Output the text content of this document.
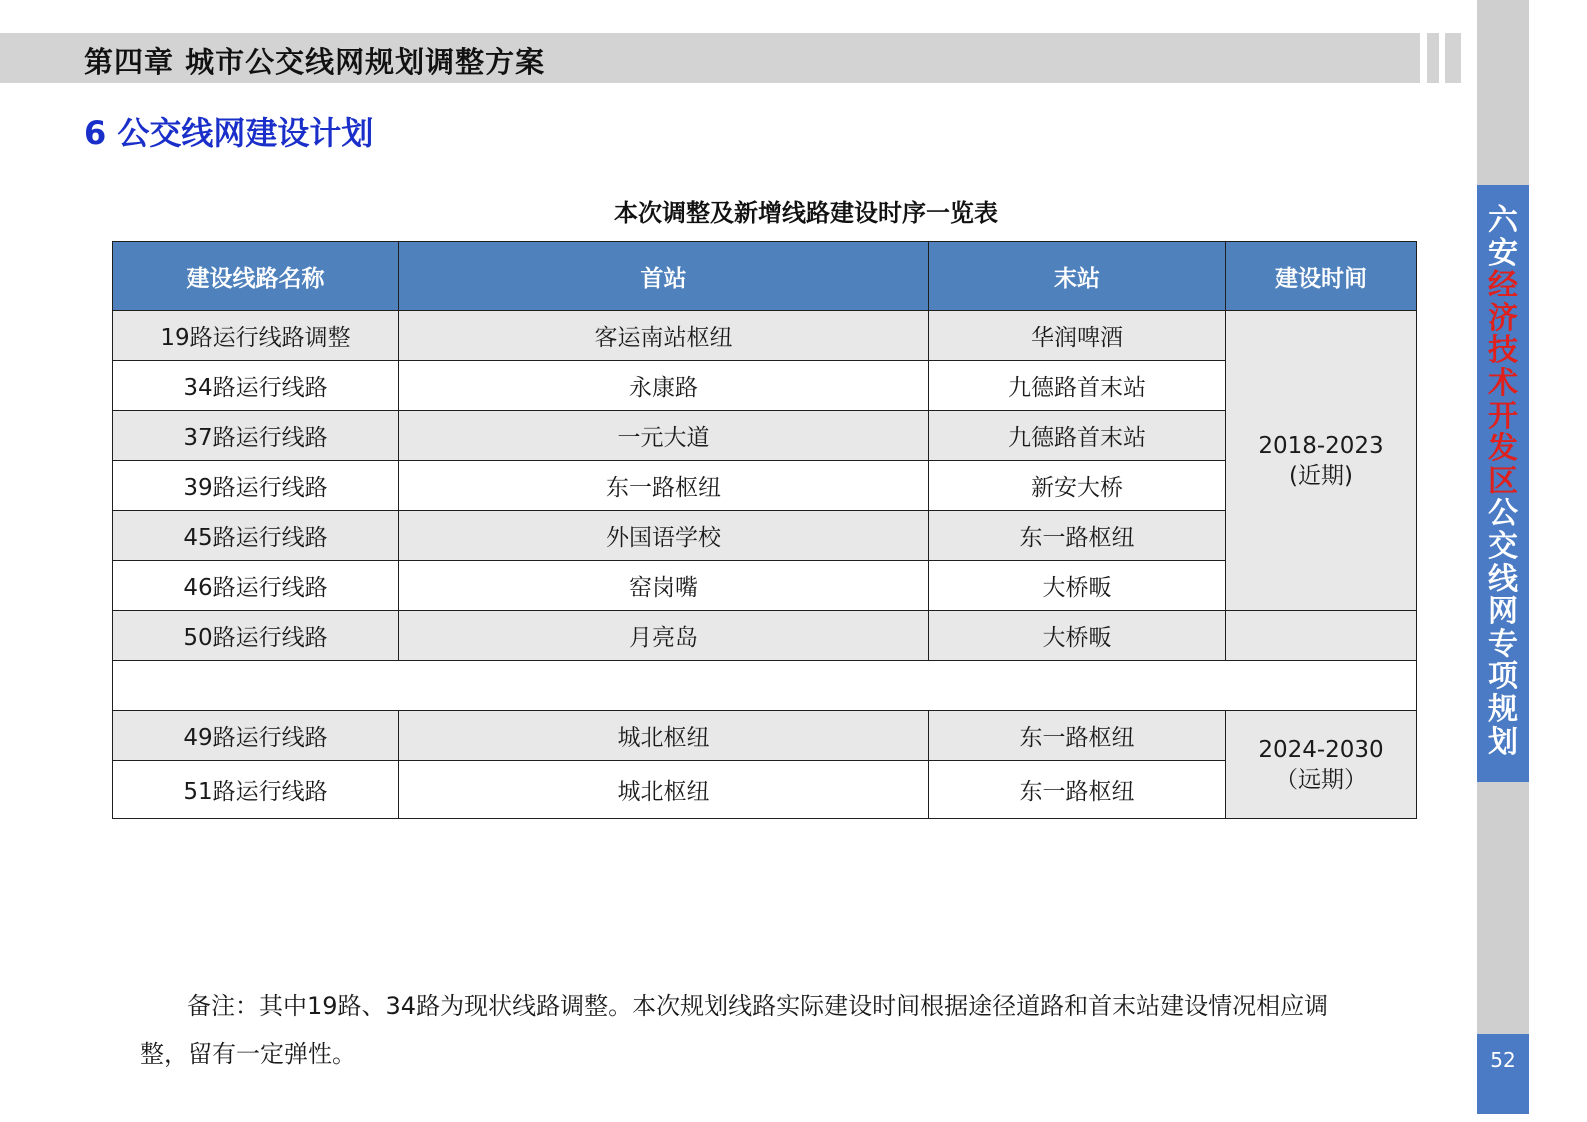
第四章 城市公交线网规划调整方案
6 公交线网建设计划
六
安
经
济
技
术
开
发
区
公
交
线
网
专
项
规
划
52
本次调整及新增线路建设时序一览表
建设线路名称	首站	末站	建设时间
19路运行线路调整	客运南站枢纽	华润啤酒	2018-2023
(近期)

34路运行线路	永康路	九德路首末站	
37路运行线路	一元大道	九德路首末站	
39路运行线路	东一路枢纽	新安大桥	
45路运行线路	外国语学校	东一路枢纽	
46路运行线路	窑岗嘴	大桥畈	
50路运行线路	月亮岛	大桥畈	

49路运行线路	城北枢纽	东一路枢纽	2024-2030
（远期）

51路运行线路	城北枢纽	东一路枢纽	
备注：其中19路、34路为现状线路调整。本次规划线路实际建设时间根据途径道路和首末站建设情况相应调整，留有一定弹性。
